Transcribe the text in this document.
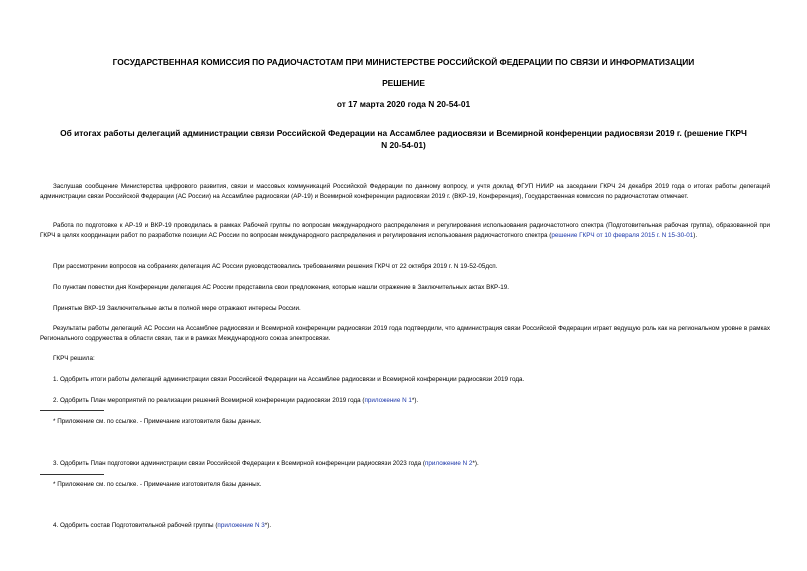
ГОСУДАРСТВЕННАЯ КОМИССИЯ ПО РАДИОЧАСТОТАМ ПРИ МИНИСТЕРСТВЕ РОССИЙСКОЙ ФЕДЕРАЦИИ ПО СВЯЗИ И ИНФОРМАТИЗАЦИИ

РЕШЕНИЕ

от 17 марта 2020 года N 20-54-01

Об итогах работы делегаций администрации связи Российской Федерации на Ассамблее радиосвязи и Всемирной конференции радиосвязи 2019 г. (решение ГКРЧ N 20-54-01)

Заслушав сообщение Министерства цифрового развития, связи и массовых коммуникаций Российской Федерации по данному вопросу, и учтя доклад ФГУП НИИР на заседании ГКРЧ 24 декабря 2019 года о итогах работы делегаций администрации связи Российской Федерации (АС России) на Ассамблее радиосвязи (АР-19) и Всемирной конференции радиосвязи 2019 г. (ВКР-19, Конференция), Государственная комиссия по радиочастотам отмечает.

Работа по подготовке к АР-19 и ВКР-19 проводилась в рамках Рабочей группы по вопросам международного распределения и регулирования использования радиочастотного спектра (Подготовительная рабочая группа), образованной при ГКРЧ в целях координации работ по разработке позиции АС России по вопросам международного распределения и регулирования использования радиочастотного спектра (решение ГКРЧ от 10 февраля 2015 г. N 15-30-01).

При рассмотрении вопросов на собраниях делегация АС России руководствовались требованиями решения ГКРЧ от 22 октября 2019 г. N 19-52-05дсп.

По пунктам повестки дня Конференции делегация АС России представила свои предложения, которые нашли отражение в Заключительных актах ВКР-19.

Принятые ВКР-19 Заключительные акты в полной мере отражают интересы России.

Результаты работы делегаций АС России на Ассамблее радиосвязи и Всемирной конференции радиосвязи 2019 года подтвердили, что администрация связи Российской Федерации играет ведущую роль как на региональном уровне в рамках Регионального содружества в области связи, так и в рамках Международного союза электросвязи.

ГКРЧ решила:

1. Одобрить итоги работы делегаций администрации связи Российской Федерации на Ассамблее радиосвязи и Всемирной конференции радиосвязи 2019 года.

2. Одобрить План мероприятий по реализации решений Всемирной конференции радиосвязи 2019 года (приложение N 1*).

* Приложение см. по ссылке. - Примечание изготовителя базы данных.

3. Одобрить План подготовки администрации связи Российской Федерации к Всемирной конференции радиосвязи 2023 года (приложение N 2*).

* Приложение см. по ссылке. - Примечание изготовителя базы данных.

4. Одобрить состав Подготовительной рабочей группы (приложение N 3*).
